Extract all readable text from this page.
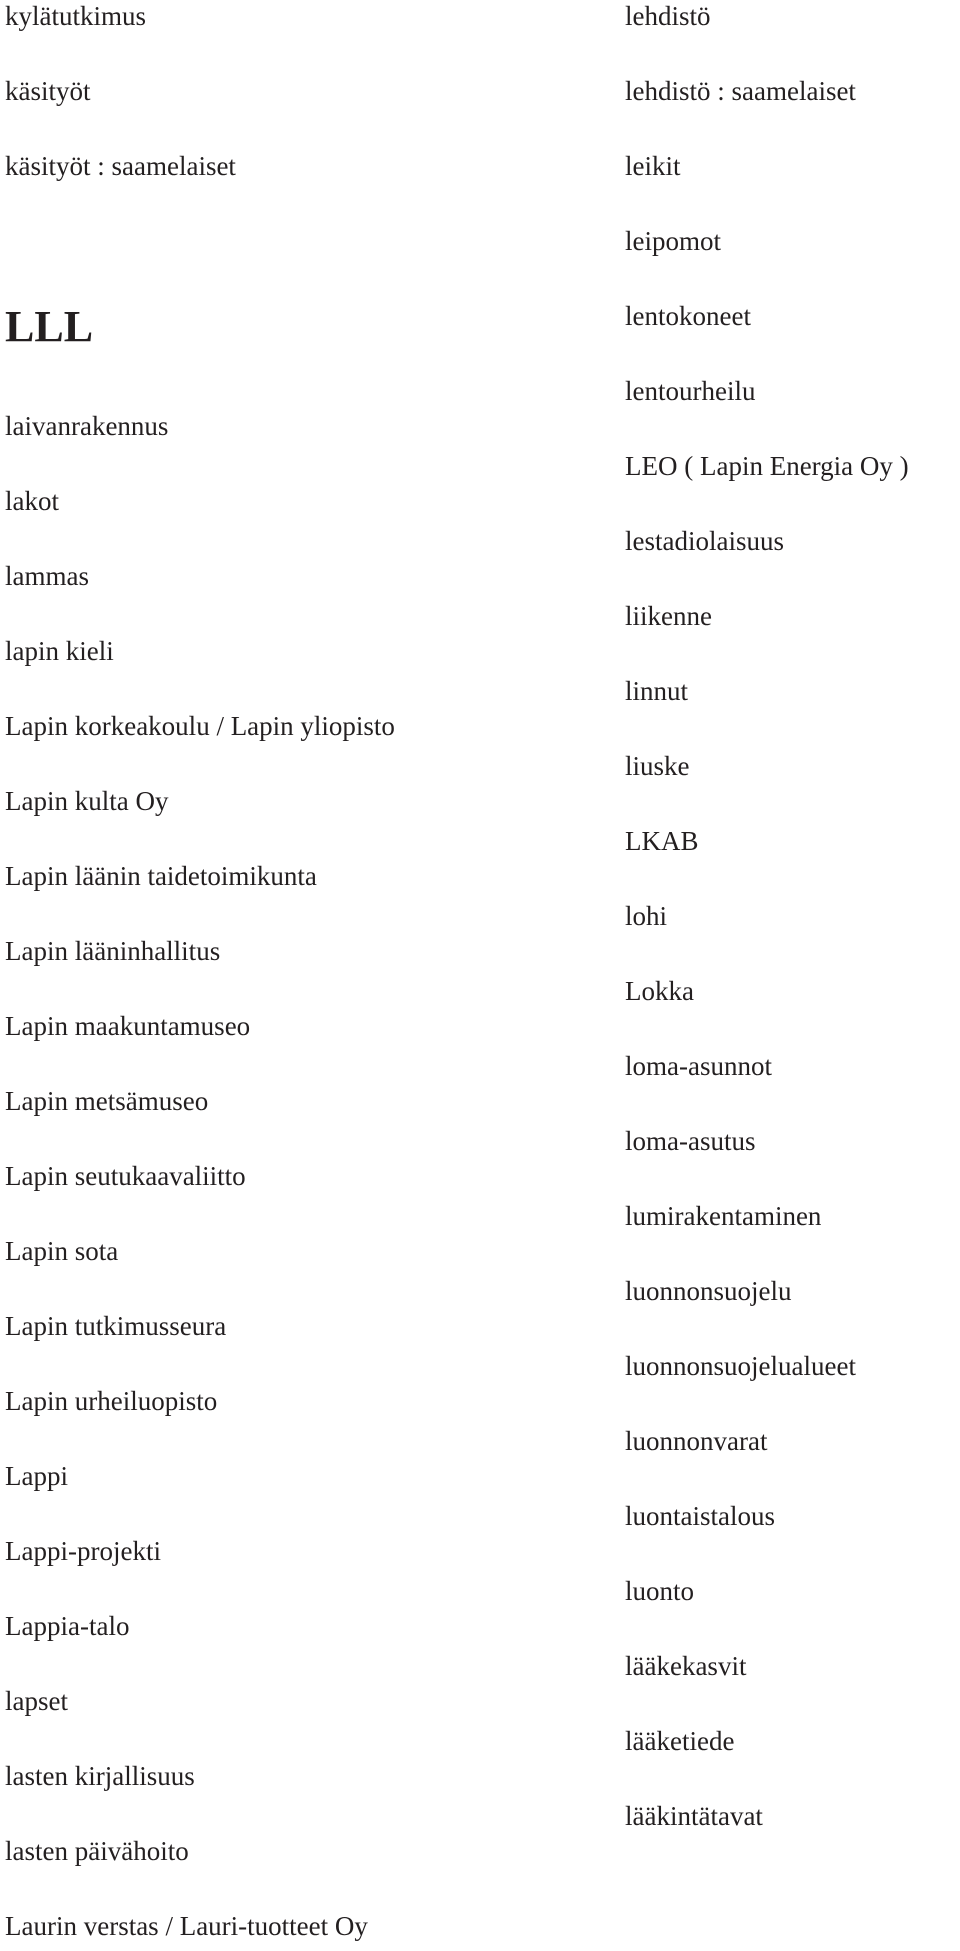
kylätutkimus

käsityöt

käsityöt : saamelaiset

LLL

laivanrakennus

lakot

lammas

lapin kieli

Lapin korkeakoulu / Lapin yliopisto

Lapin kulta Oy

Lapin läänin taidetoimikunta

Lapin lääninhallitus

Lapin maakuntamuseo

Lapin metsämuseo

Lapin seutukaavaliitto

Lapin sota

Lapin tutkimusseura

Lapin urheiluopisto

Lappi

Lappi-projekti

Lappia-talo

lapset

lasten kirjallisuus

lasten päivähoito

Laurin verstas / Lauri-tuotteet Oy

lehdistö

lehdistö : saamelaiset

leikit

leipomot

lentokoneet

lentourheilu

LEO ( Lapin Energia Oy )

lestadiolaisuus

liikenne

linnut

liuske

LKAB

lohi

Lokka

loma-asunnot

loma-asutus

lumirakentaminen

luonnonsuojelu

luonnonsuojelualueet

luonnonvarat

luontaistalous

luonto

lääkekasvit

lääketiede

lääkintätavat
